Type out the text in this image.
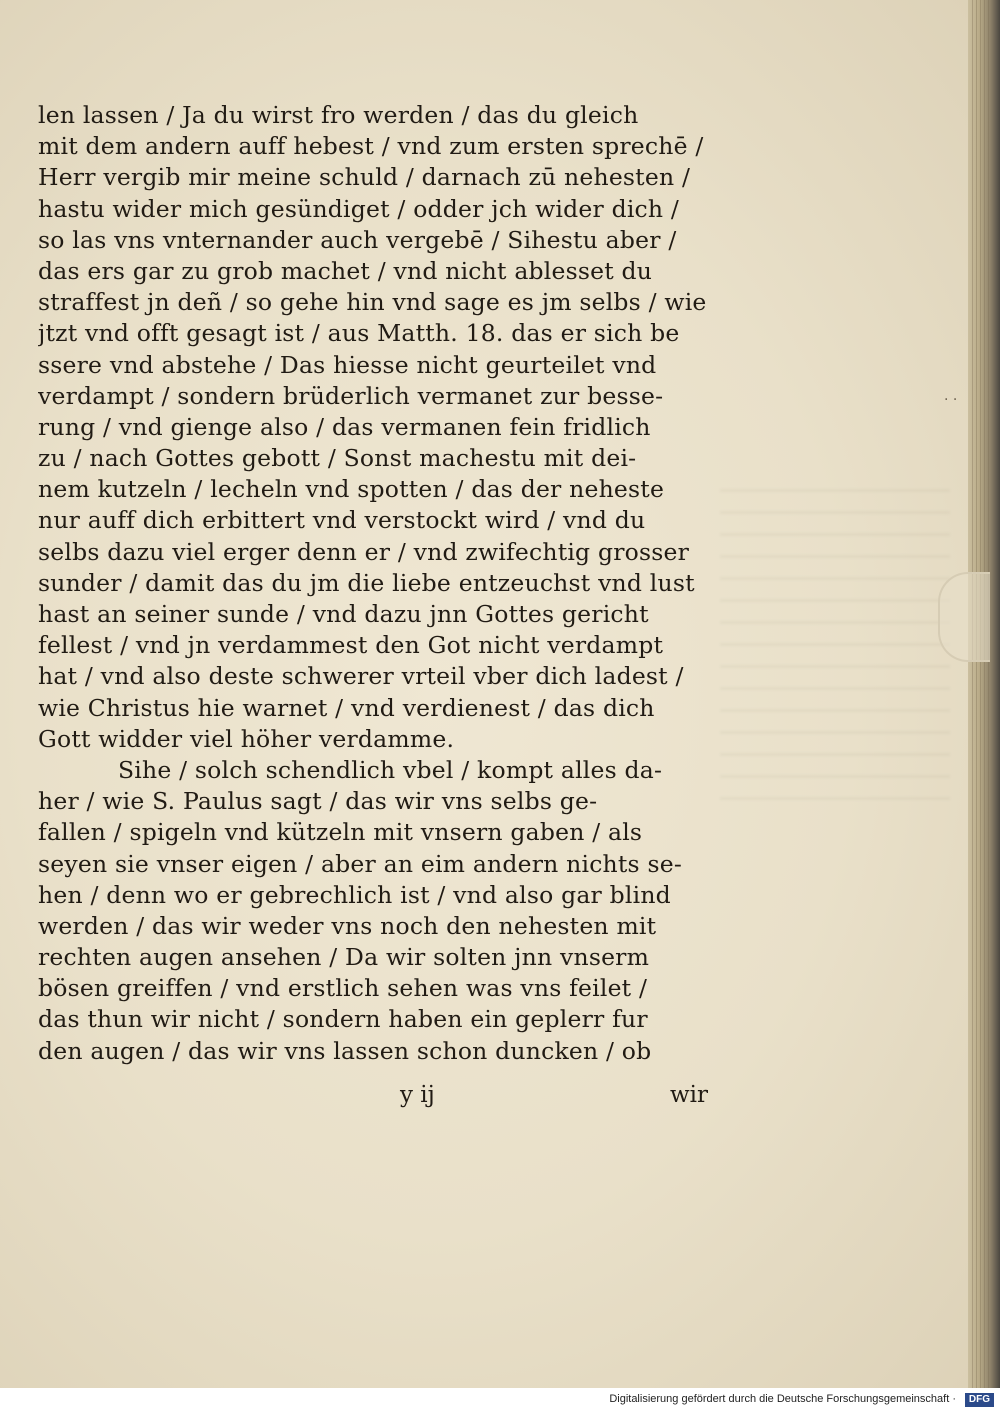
· ·
len lassen / Ja du wirst fro werden / das du gleich
mit dem andern auff hebest / vnd zum ersten sprechē /
Herr vergib mir meine schuld / darnach zū nehesten /
hastu wider mich gesündiget / odder jch wider dich /
so las vns vnternander auch vergebē / Sihestu aber /
das ers gar zu grob machet / vnd nicht ablesset du
straffest jn deñ / so gehe hin vnd sage es jm selbs / wie
jtzt vnd offt gesagt ist / aus Matth. 18. das er sich be
ssere vnd abstehe / Das hiesse nicht geurteilet vnd
verdampt / sondern brüderlich vermanet zur besse-
rung / vnd gienge also / das vermanen fein fridlich
zu / nach Gottes gebott / Sonst machestu mit dei-
nem kutzeln / lecheln vnd spotten / das der neheste
nur auff dich erbittert vnd verstockt wird / vnd du
selbs dazu viel erger denn er / vnd zwifechtig grosser
sunder / damit das du jm die liebe entzeuchst vnd lust
hast an seiner sunde / vnd dazu jnn Gottes gericht
fellest / vnd jn verdammest den Got nicht verdampt
hat / vnd also deste schwerer vrteil vber dich ladest /
wie Christus hie warnet / vnd verdienest / das dich
Gott widder viel höher verdamme.
Sihe / solch schendlich vbel / kompt alles da-
her / wie S. Paulus sagt / das wir vns selbs ge-
fallen / spigeln vnd kützeln mit vnsern gaben / als
seyen sie vnser eigen / aber an eim andern nichts se-
hen / denn wo er gebrechlich ist / vnd also gar blind
werden / das wir weder vns noch den nehesten mit
rechten augen ansehen / Da wir solten jnn vnserm
bösen greiffen / vnd erstlich sehen was vns feilet /
das thun wir nicht / sondern haben ein geplerr fur
den augen / das wir vns lassen schon duncken / ob
y ij	wir
Digitalisierung gefördert durch die Deutsche Forschungsgemeinschaft ·	DFG
